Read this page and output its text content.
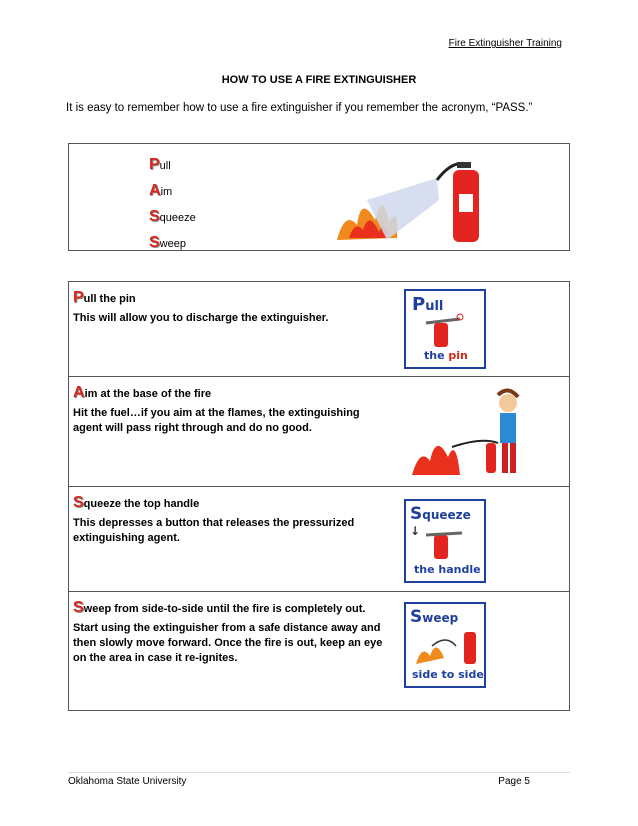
Fire Extinguisher Training
HOW TO USE A FIRE EXTINGUISHER
It is easy to remember how to use a fire extinguisher if you remember the acronym, “PASS.”
Pull
Aim
Squeeze
Sweep
Pull the pin
This will allow you to discharge the extinguisher.
Pull
the pin
Aim at the base of the fire
Hit the fuel…if you aim at the flames, the extinguishing agent will pass right through and do no good.
Squeeze the top handle
This depresses a button that releases the pressurized extinguishing agent.
Squeeze ↓
the handle
Sweep from side-to-side until the fire is completely out.
Start using the extinguisher from a safe distance away and then slowly move forward. Once the fire is out, keep an eye on the area in case it re-ignites.
Sweep
side to side
Oklahoma State University	Page 5
